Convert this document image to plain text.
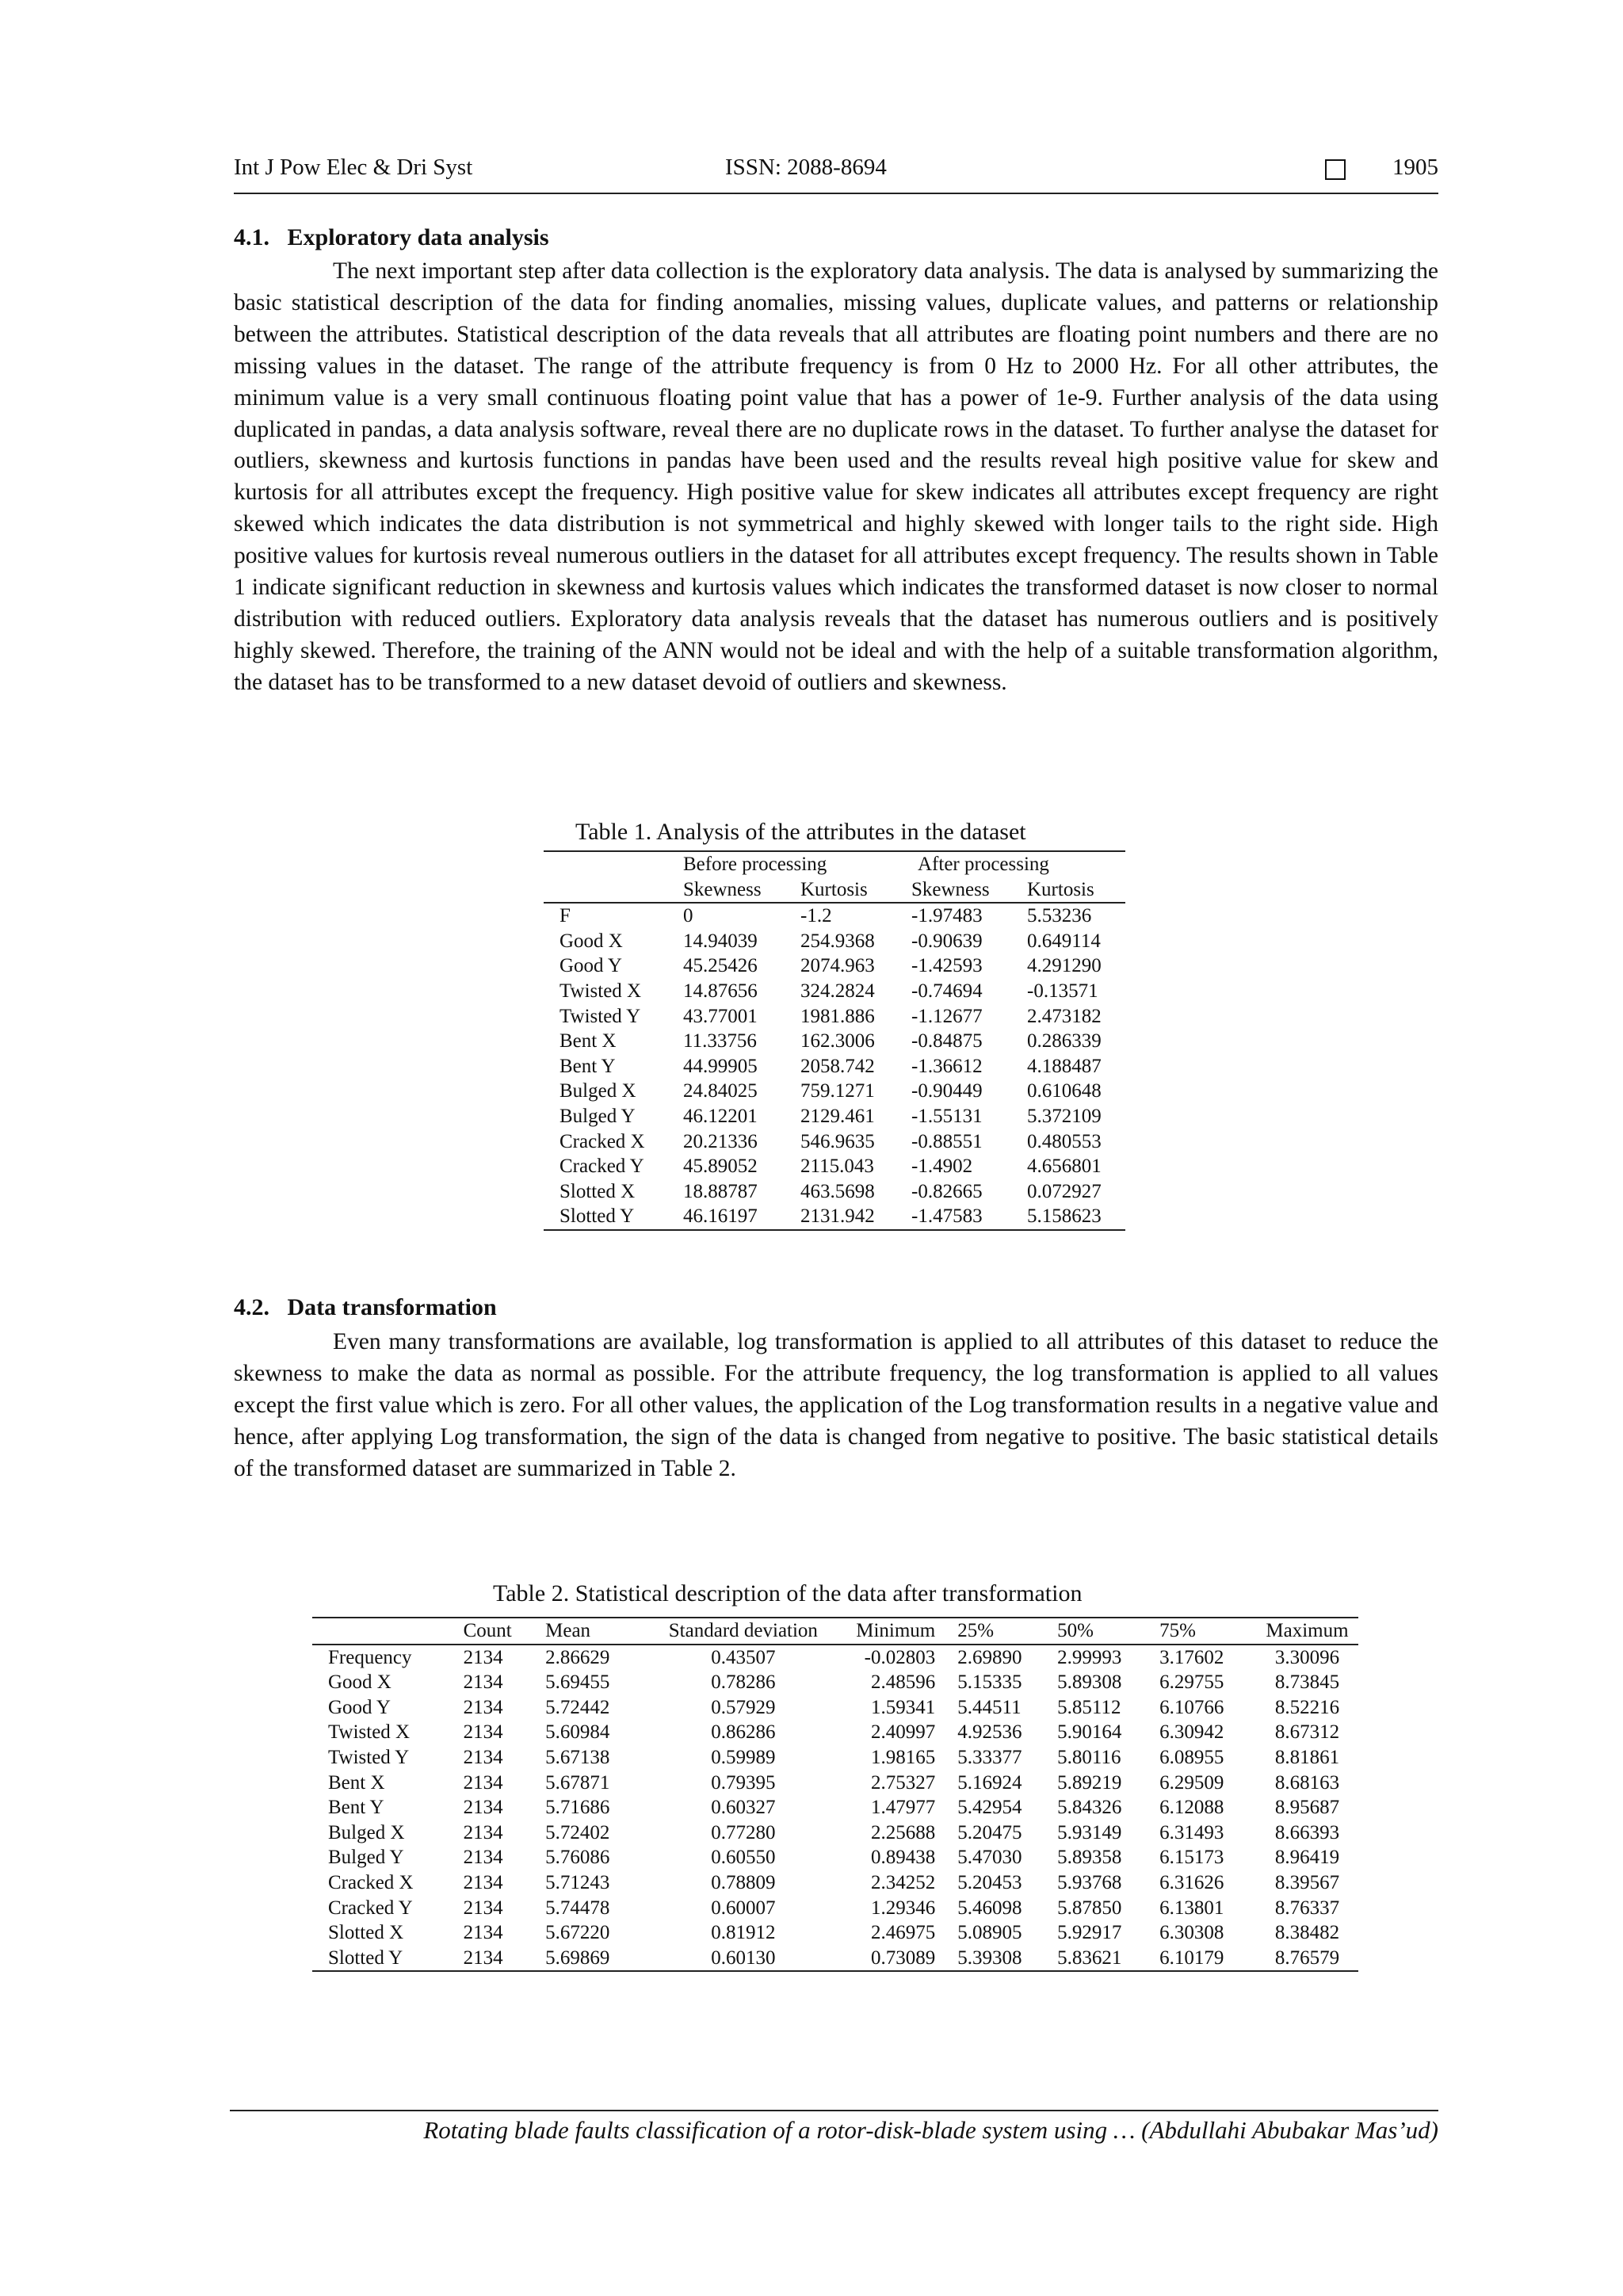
Int J Pow Elec & Dri Syst	ISSN: 2088-8694	1905
4.1.  Exploratory data analysis

The next important step after data collection is the exploratory data analysis. The data is analysed by summarizing the basic statistical description of the data for finding anomalies, missing values, duplicate values, and patterns or relationship between the attributes. Statistical description of the data reveals that all attributes are floating point numbers and there are no missing values in the dataset. The range of the attribute frequency is from 0 Hz to 2000 Hz. For all other attributes, the minimum value is a very small continuous floating point value that has a power of 1e-9. Further analysis of the data using duplicated in pandas, a data analysis software, reveal there are no duplicate rows in the dataset. To further analyse the dataset for outliers, skewness and kurtosis functions in pandas have been used and the results reveal high positive value for skew and kurtosis for all attributes except the frequency. High positive value for skew indicates all attributes except frequency are right skewed which indicates the data distribution is not symmetrical and highly skewed with longer tails to the right side. High positive values for kurtosis reveal numerous outliers in the dataset for all attributes except frequency. The results shown in Table 1 indicate significant reduction in skewness and kurtosis values which indicates the transformed dataset is now closer to normal distribution with reduced outliers. Exploratory data analysis reveals that the dataset has numerous outliers and is positively highly skewed. Therefore, the training of the ANN would not be ideal and with the help of a suitable transformation algorithm, the dataset has to be transformed to a new dataset devoid of outliers and skewness.

Table 1. Analysis of the attributes in the dataset
	Before processing		After processing	
	Skewness	Kurtosis	Skewness	Kurtosis
F	0	-1.2	-1.97483	5.53236
Good X	14.94039	254.9368	-0.90639	0.649114
Good Y	45.25426	2074.963	-1.42593	4.291290
Twisted X	14.87656	324.2824	-0.74694	-0.13571
Twisted Y	43.77001	1981.886	-1.12677	2.473182
Bent X	11.33756	162.3006	-0.84875	0.286339
Bent Y	44.99905	2058.742	-1.36612	4.188487
Bulged X	24.84025	759.1271	-0.90449	0.610648
Bulged Y	46.12201	2129.461	-1.55131	5.372109
Cracked X	20.21336	546.9635	-0.88551	0.480553
Cracked Y	45.89052	2115.043	-1.4902	4.656801
Slotted X	18.88787	463.5698	-0.82665	0.072927
Slotted Y	46.16197	2131.942	-1.47583	5.158623
4.2.  Data transformation

Even many transformations are available, log transformation is applied to all attributes of this dataset to reduce the skewness to make the data as normal as possible. For the attribute frequency, the log transformation is applied to all values except the first value which is zero. For all other values, the application of the Log transformation results in a negative value and hence, after applying Log transformation, the sign of the data is changed from negative to positive. The basic statistical details of the transformed dataset are summarized in Table 2.

Table 2. Statistical description of the data after transformation
	Count	Mean	Standard deviation	Minimum	25%	50%	75%	Maximum
Frequency	2134	2.86629	0.43507	-0.02803	2.69890	2.99993	3.17602	3.30096
Good X	2134	5.69455	0.78286	2.48596	5.15335	5.89308	6.29755	8.73845
Good Y	2134	5.72442	0.57929	1.59341	5.44511	5.85112	6.10766	8.52216
Twisted X	2134	5.60984	0.86286	2.40997	4.92536	5.90164	6.30942	8.67312
Twisted Y	2134	5.67138	0.59989	1.98165	5.33377	5.80116	6.08955	8.81861
Bent X	2134	5.67871	0.79395	2.75327	5.16924	5.89219	6.29509	8.68163
Bent Y	2134	5.71686	0.60327	1.47977	5.42954	5.84326	6.12088	8.95687
Bulged X	2134	5.72402	0.77280	2.25688	5.20475	5.93149	6.31493	8.66393
Bulged Y	2134	5.76086	0.60550	0.89438	5.47030	5.89358	6.15173	8.96419
Cracked X	2134	5.71243	0.78809	2.34252	5.20453	5.93768	6.31626	8.39567
Cracked Y	2134	5.74478	0.60007	1.29346	5.46098	5.87850	6.13801	8.76337
Slotted X	2134	5.67220	0.81912	2.46975	5.08905	5.92917	6.30308	8.38482
Slotted Y	2134	5.69869	0.60130	0.73089	5.39308	5.83621	6.10179	8.76579
Rotating blade faults classification of a rotor-disk-blade system using … (Abdullahi Abubakar Mas’ud)
